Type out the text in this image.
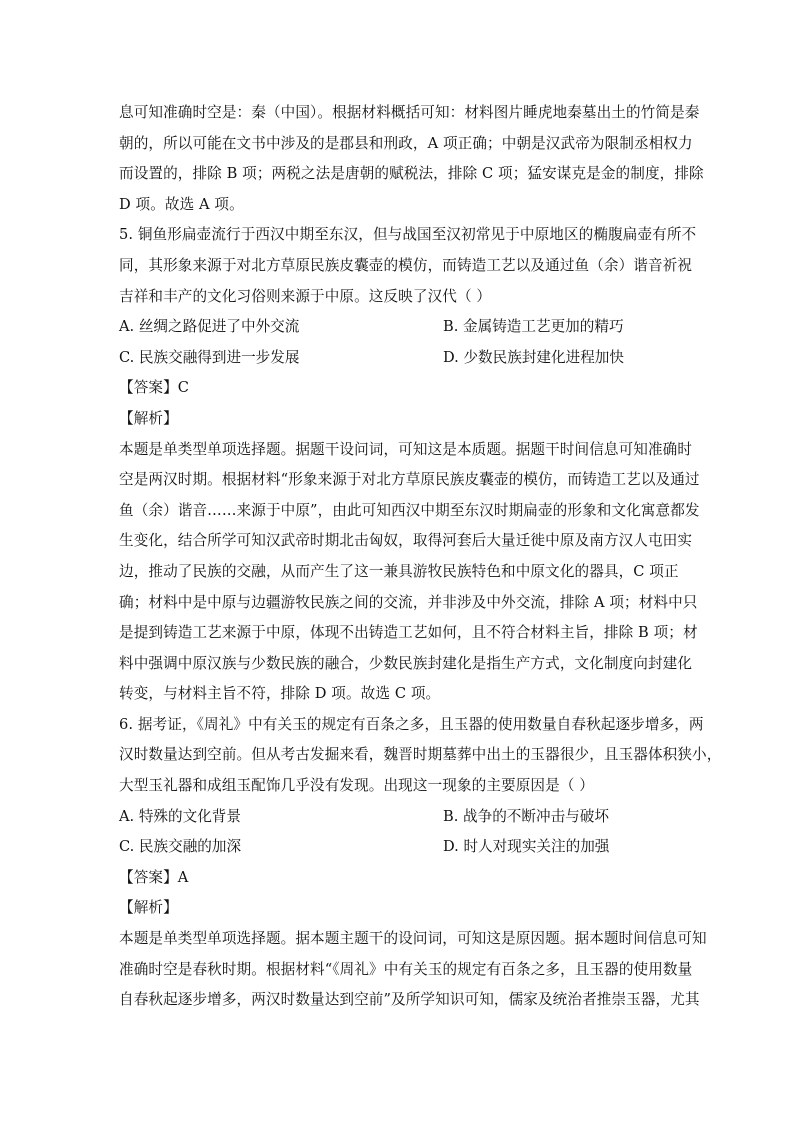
息可知准确时空是：秦（中国）。根据材料概括可知：材料图片睡虎地秦墓出土的竹简是秦
朝的，所以可能在文书中涉及的是郡县和刑政，A 项正确；中朝是汉武帝为限制丞相权力
而设置的，排除 B 项；两税之法是唐朝的赋税法，排除 C 项；猛安谋克是金的制度，排除
D 项。故选 A 项。
5. 铜鱼形扁壶流行于西汉中期至东汉，但与战国至汉初常见于中原地区的椭腹扁壶有所不
同，其形象来源于对北方草原民族皮囊壶的模仿，而铸造工艺以及通过鱼（余）谐音祈祝
吉祥和丰产的文化习俗则来源于中原。这反映了汉代（ ）
A. 丝绸之路促进了中外交流	B. 金属铸造工艺更加的精巧
C. 民族交融得到进一步发展	D. 少数民族封建化进程加快
【答案】C
【解析】
本题是单类型单项选择题。据题干设问词，可知这是本质题。据题干时间信息可知准确时
空是两汉时期。根据材料“形象来源于对北方草原民族皮囊壶的模仿，而铸造工艺以及通过
鱼（余）谐音……来源于中原”，由此可知西汉中期至东汉时期扁壶的形象和文化寓意都发
生变化，结合所学可知汉武帝时期北击匈奴，取得河套后大量迁徙中原及南方汉人屯田实
边，推动了民族的交融，从而产生了这一兼具游牧民族特色和中原文化的器具，C 项正
确；材料中是中原与边疆游牧民族之间的交流，并非涉及中外交流，排除 A 项；材料中只
是提到铸造工艺来源于中原，体现不出铸造工艺如何，且不符合材料主旨，排除 B 项；材
料中强调中原汉族与少数民族的融合，少数民族封建化是指生产方式，文化制度向封建化
转变，与材料主旨不符，排除 D 项。故选 C 项。
6. 据考证，《周礼》中有关玉的规定有百条之多，且玉器的使用数量自春秋起逐步增多，两
汉时数量达到空前。但从考古发掘来看，魏晋时期墓葬中出土的玉器很少，且玉器体积狭小，
大型玉礼器和成组玉配饰几乎没有发现。出现这一现象的主要原因是（ ）
A. 特殊的文化背景	B. 战争的不断冲击与破坏
C. 民族交融的加深	D. 时人对现实关注的加强
【答案】A
【解析】
本题是单类型单项选择题。据本题主题干的设问词，可知这是原因题。据本题时间信息可知
准确时空是春秋时期。根据材料“《周礼》中有关玉的规定有百条之多，且玉器的使用数量
自春秋起逐步增多，两汉时数量达到空前”及所学知识可知，儒家及统治者推崇玉器，尤其
